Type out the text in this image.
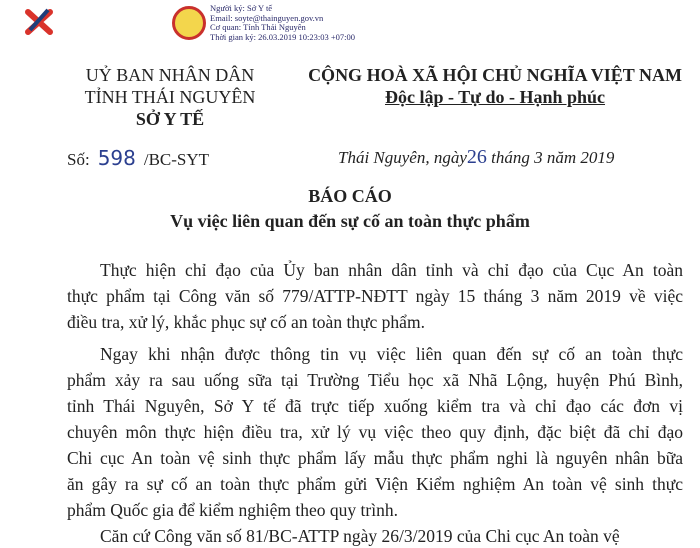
Người ký: Sở Y tế
Email: soyte@thainguyen.gov.vn
Cơ quan: Tỉnh Thái Nguyên
Thời gian ký: 26.03.2019 10:23:03 +07:00
UỶ BAN NHÂN DÂN
TỈNH THÁI NGUYÊN
SỞ Y TẾ
CỘNG HOÀ XÃ HỘI CHỦ NGHĨA VIỆT NAM
Độc lập - Tự do - Hạnh phúc
Số: 598 /BC-SYT	Thái Nguyên, ngày26 tháng 3 năm 2019
BÁO CÁO
Vụ việc liên quan đến sự cố an toàn thực phẩm
Thực hiện chỉ đạo của Ủy ban nhân dân tỉnh và chỉ đạo của Cục An toàn
thực phẩm tại Công văn số 779/ATTP-NĐTT ngày 15 tháng 3 năm 2019 về việc
điều tra, xử lý, khắc phục sự cố an toàn thực phẩm.
Ngay khi nhận được thông tin vụ việc liên quan đến sự cố an toàn thực
phẩm xảy ra sau uống sữa tại Trường Tiểu học xã Nhã Lộng, huyện Phú Bình,
tỉnh Thái Nguyên, Sở Y tế đã trực tiếp xuống kiểm tra và chỉ đạo các đơn vị
chuyên môn thực hiện điều tra, xử lý vụ việc theo quy định, đặc biệt đã chỉ đạo
Chi cục An toàn vệ sinh thực phẩm lấy mẫu thực phẩm nghi là nguyên nhân bữa
ăn gây ra sự cố an toàn thực phẩm gửi Viện Kiểm nghiệm An toàn vệ sinh thực
phẩm Quốc gia để kiểm nghiệm theo quy trình.
Căn cứ Công văn số 81/BC-ATTP ngày 26/3/2019 của Chi cục An toàn vệ
